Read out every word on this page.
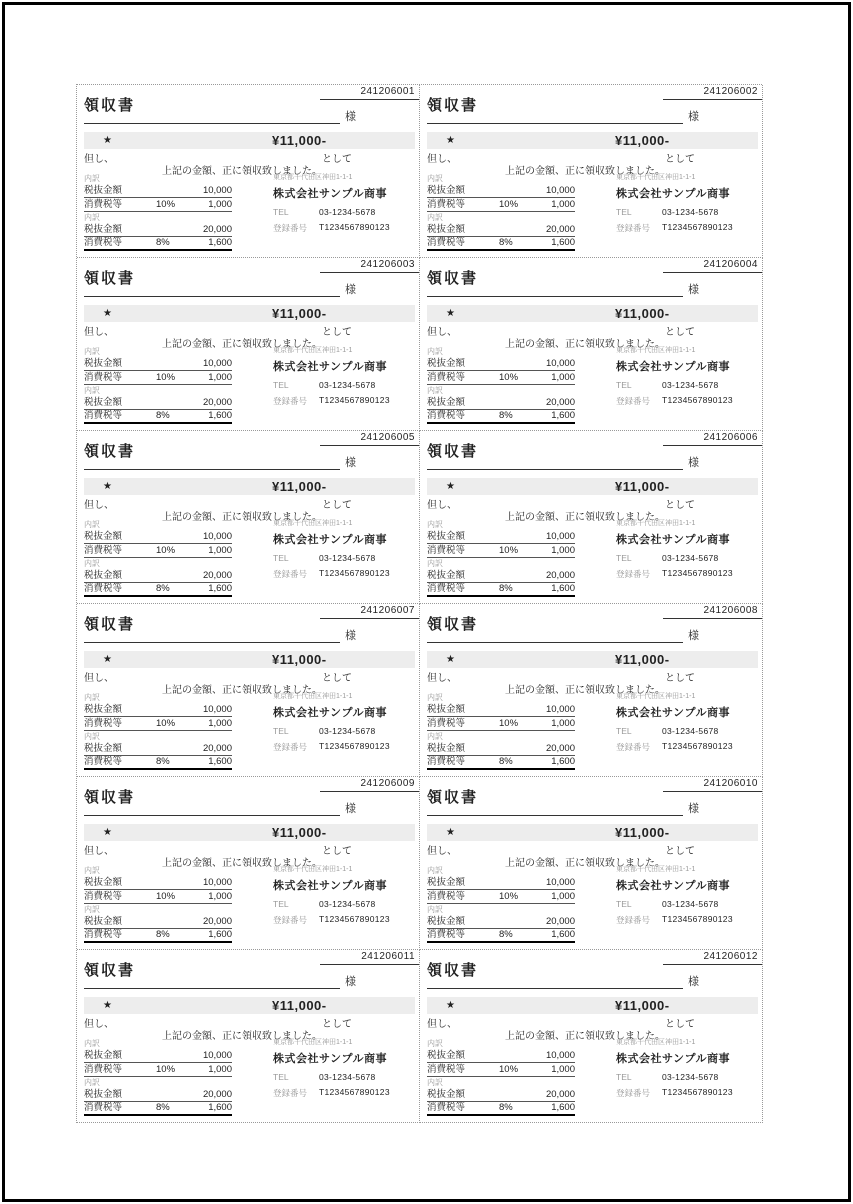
241206001
領収書
様
★	¥11,000-
但し、	として
上記の金額、正に領収致しました。
内訳
税抜金額	10,000
消費税等	10%	1,000
内訳
税抜金額	20,000
消費税等	8%	1,600
東京都千代田区神田1-1-1
株式会社サンプル商事
TEL	03-1234-5678
登録番号	T1234567890123
241206002
領収書
様
★	¥11,000-
但し、	として
上記の金額、正に領収致しました。
内訳
税抜金額	10,000
消費税等	10%	1,000
内訳
税抜金額	20,000
消費税等	8%	1,600
東京都千代田区神田1-1-1
株式会社サンプル商事
TEL	03-1234-5678
登録番号	T1234567890123
241206003
領収書
様
★	¥11,000-
但し、	として
上記の金額、正に領収致しました。
内訳
税抜金額	10,000
消費税等	10%	1,000
内訳
税抜金額	20,000
消費税等	8%	1,600
東京都千代田区神田1-1-1
株式会社サンプル商事
TEL	03-1234-5678
登録番号	T1234567890123
241206004
領収書
様
★	¥11,000-
但し、	として
上記の金額、正に領収致しました。
内訳
税抜金額	10,000
消費税等	10%	1,000
内訳
税抜金額	20,000
消費税等	8%	1,600
東京都千代田区神田1-1-1
株式会社サンプル商事
TEL	03-1234-5678
登録番号	T1234567890123
241206005
領収書
様
★	¥11,000-
但し、	として
上記の金額、正に領収致しました。
内訳
税抜金額	10,000
消費税等	10%	1,000
内訳
税抜金額	20,000
消費税等	8%	1,600
東京都千代田区神田1-1-1
株式会社サンプル商事
TEL	03-1234-5678
登録番号	T1234567890123
241206006
領収書
様
★	¥11,000-
但し、	として
上記の金額、正に領収致しました。
内訳
税抜金額	10,000
消費税等	10%	1,000
内訳
税抜金額	20,000
消費税等	8%	1,600
東京都千代田区神田1-1-1
株式会社サンプル商事
TEL	03-1234-5678
登録番号	T1234567890123
241206007
領収書
様
★	¥11,000-
但し、	として
上記の金額、正に領収致しました。
内訳
税抜金額	10,000
消費税等	10%	1,000
内訳
税抜金額	20,000
消費税等	8%	1,600
東京都千代田区神田1-1-1
株式会社サンプル商事
TEL	03-1234-5678
登録番号	T1234567890123
241206008
領収書
様
★	¥11,000-
但し、	として
上記の金額、正に領収致しました。
内訳
税抜金額	10,000
消費税等	10%	1,000
内訳
税抜金額	20,000
消費税等	8%	1,600
東京都千代田区神田1-1-1
株式会社サンプル商事
TEL	03-1234-5678
登録番号	T1234567890123
241206009
領収書
様
★	¥11,000-
但し、	として
上記の金額、正に領収致しました。
内訳
税抜金額	10,000
消費税等	10%	1,000
内訳
税抜金額	20,000
消費税等	8%	1,600
東京都千代田区神田1-1-1
株式会社サンプル商事
TEL	03-1234-5678
登録番号	T1234567890123
241206010
領収書
様
★	¥11,000-
但し、	として
上記の金額、正に領収致しました。
内訳
税抜金額	10,000
消費税等	10%	1,000
内訳
税抜金額	20,000
消費税等	8%	1,600
東京都千代田区神田1-1-1
株式会社サンプル商事
TEL	03-1234-5678
登録番号	T1234567890123
241206011
領収書
様
★	¥11,000-
但し、	として
上記の金額、正に領収致しました。
内訳
税抜金額	10,000
消費税等	10%	1,000
内訳
税抜金額	20,000
消費税等	8%	1,600
東京都千代田区神田1-1-1
株式会社サンプル商事
TEL	03-1234-5678
登録番号	T1234567890123
241206012
領収書
様
★	¥11,000-
但し、	として
上記の金額、正に領収致しました。
内訳
税抜金額	10,000
消費税等	10%	1,000
内訳
税抜金額	20,000
消費税等	8%	1,600
東京都千代田区神田1-1-1
株式会社サンプル商事
TEL	03-1234-5678
登録番号	T1234567890123
